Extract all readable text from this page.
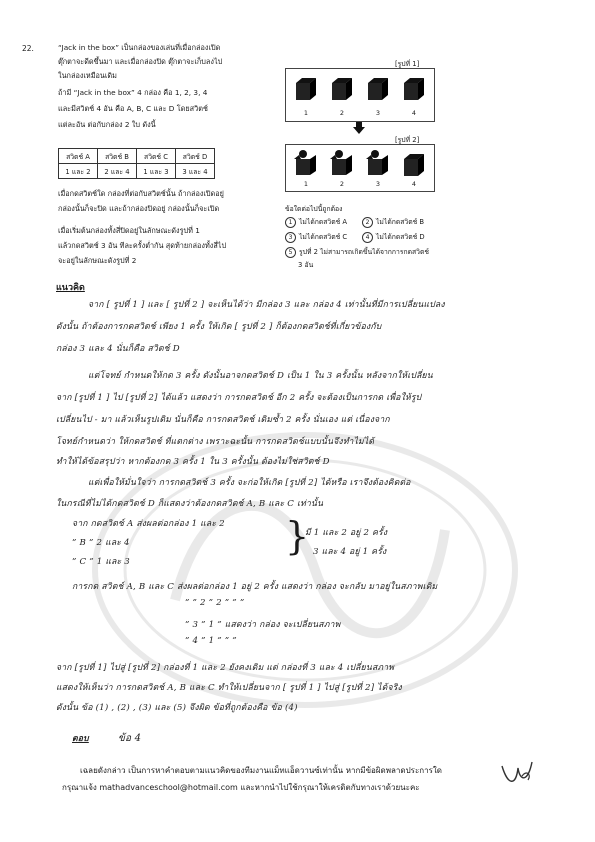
22.	“Jack in the box” เป็นกล่องของเล่นที่เมื่อกล่องเปิด
ตุ๊กตาจะดีดขึ้นมา และเมื่อกล่องปิด ตุ๊กตาจะเก็บลงไป
ในกล่องเหมือนเดิม
ถ้ามี “Jack in the box” 4 กล่อง คือ 1, 2, 3, 4
และมีสวิตช์ 4 อัน คือ A, B, C และ D โดยสวิตช์
แต่ละอัน ต่อกับกล่อง 2 ใบ ดังนี้
สวิตช์ A	สวิตช์ B	สวิตช์ C	สวิตช์ D
1 และ 2	2 และ 4	1 และ 3	3 และ 4
เมื่อกดสวิตช์ใด กล่องที่ต่อกับสวิตช์นั้น ถ้ากล่องเปิดอยู่
กล่องนั้นก็จะปิด และถ้ากล่องปิดอยู่ กล่องนั้นก็จะเปิด
เมื่อเริ่มต้นกล่องทั้งสี่ปิดอยู่ในลักษณะดังรูปที่ 1
แล้วกดสวิตช์ 3 อัน ทีละครั้งต่ำกัน สุดท้ายกล่องทั้งสี่ไป
จะอยู่ในลักษณะดังรูปที่ 2
[รูปที่ 1]
1	2	3	4
[รูปที่ 2]
1	2	3	4
ข้อใดต่อไปนี้ถูกต้อง
1 ไม่ได้กดสวิตช์ A	2 ไม่ได้กดสวิตช์ B
3 ไม่ได้กดสวิตช์ C	4 ไม่ได้กดสวิตช์ D
5 รูปที่ 2 ไม่สามารถเกิดขึ้นได้จากการกดสวิตช์
3 อัน
แนวคิด
จาก [ รูปที่ 1 ] และ [ รูปที่ 2 ] จะเห็นได้ว่า มีกล่อง 3 และ กล่อง 4 เท่านั้นที่มีการเปลี่ยนแปลง
ดังนั้น ถ้าต้องการกดสวิตช์ เพียง 1 ครั้ง ให้เกิด [ รูปที่ 2 ] ก็ต้องกดสวิตช์ที่เกี่ยวข้องกับ
กล่อง 3 และ 4 นั่นก็คือ สวิตช์ D
แต่โจทย์ กำหนดให้กด 3 ครั้ง ดังนั้นอาจกดสวิตช์ D เป็น 1 ใน 3 ครั้งนั้น หลังจากให้เปลี่ยน
จาก [รูปที่ 1 ] ไป [รูปที่ 2] ได้แล้ว แสดงว่า การกดสวิตช์ อีก 2 ครั้ง จะต้องเป็นการกด เพื่อให้รูป
เปลี่ยนไป - มา แล้วเห็นรูปเดิม นั่นก็คือ การกดสวิตช์ เดิมซ้ำ 2 ครั้ง นั่นเอง แต่ เนื่องจาก
โจทย์กำหนดว่า ให้กดสวิตช์ ที่แตกต่าง เพราะฉะนั้น การกดสวิตช์แบบนั้นจึงทำไม่ได้
ทำให้ได้ข้อสรุปว่า หากต้องกด 3 ครั้ง 1 ใน 3 ครั้งนั้น ต้องไม่ใช่สวิตช์ D
แต่เพื่อให้มั่นใจว่า การกดสวิตช์ 3 ครั้ง จะก่อให้เกิด [รูปที่ 2] ได้หรือ เราจึงต้องคิดต่อ
ในกรณีที่ไม่ได้กดสวิตช์ D ก็แสดงว่าต้องกดสวิตช์ A, B และ C เท่านั้น
จาก กดสวิตช์ A ส่งผลต่อกล่อง 1 และ 2
” B ” 2 และ 4
” C ” 1 และ 3
}
มี 1 และ 2 อยู่ 2 ครั้ง
3 และ 4 อยู่ 1 ครั้ง
การกด สวิตช์ A, B และ C ส่งผลต่อกล่อง 1 อยู่ 2 ครั้ง แสดงว่า กล่อง จะกลับ มาอยู่ในสภาพเดิม
” ” 2 ” 2 ” ” ”
” 3 ” 1 ” แสดงว่า กล่อง จะเปลี่ยนสภาพ
” 4 ” 1 ” ” ”
จาก [รูปที่ 1] ไปสู่ [รูปที่ 2] กล่องที่ 1 และ 2 ยังคงเดิม แต่ กล่องที่ 3 และ 4 เปลี่ยนสภาพ
แสดงให้เห็นว่า การกดสวิตช์ A, B และ C ทำให้เปลี่ยนจาก [ รูปที่ 1 ] ไปสู่ [รูปที่ 2] ได้จริง
ดังนั้น ข้อ (1) , (2) , (3) และ (5) จึงผิด ข้อที่ถูกต้องคือ ข้อ (4)
ตอบ	ข้อ 4
เฉลยดังกล่าว เป็นการหาคำตอบตามแนวคิดของทีมงานแม็ทแอ็ดวานซ์เท่านั้น หากมีข้อผิดพลาดประการใด
กรุณาแจ้ง mathadvanceschool@hotmail.com และหากนำไปใช้กรุณาให้เครดิตกับทางเราด้วยนะคะ
